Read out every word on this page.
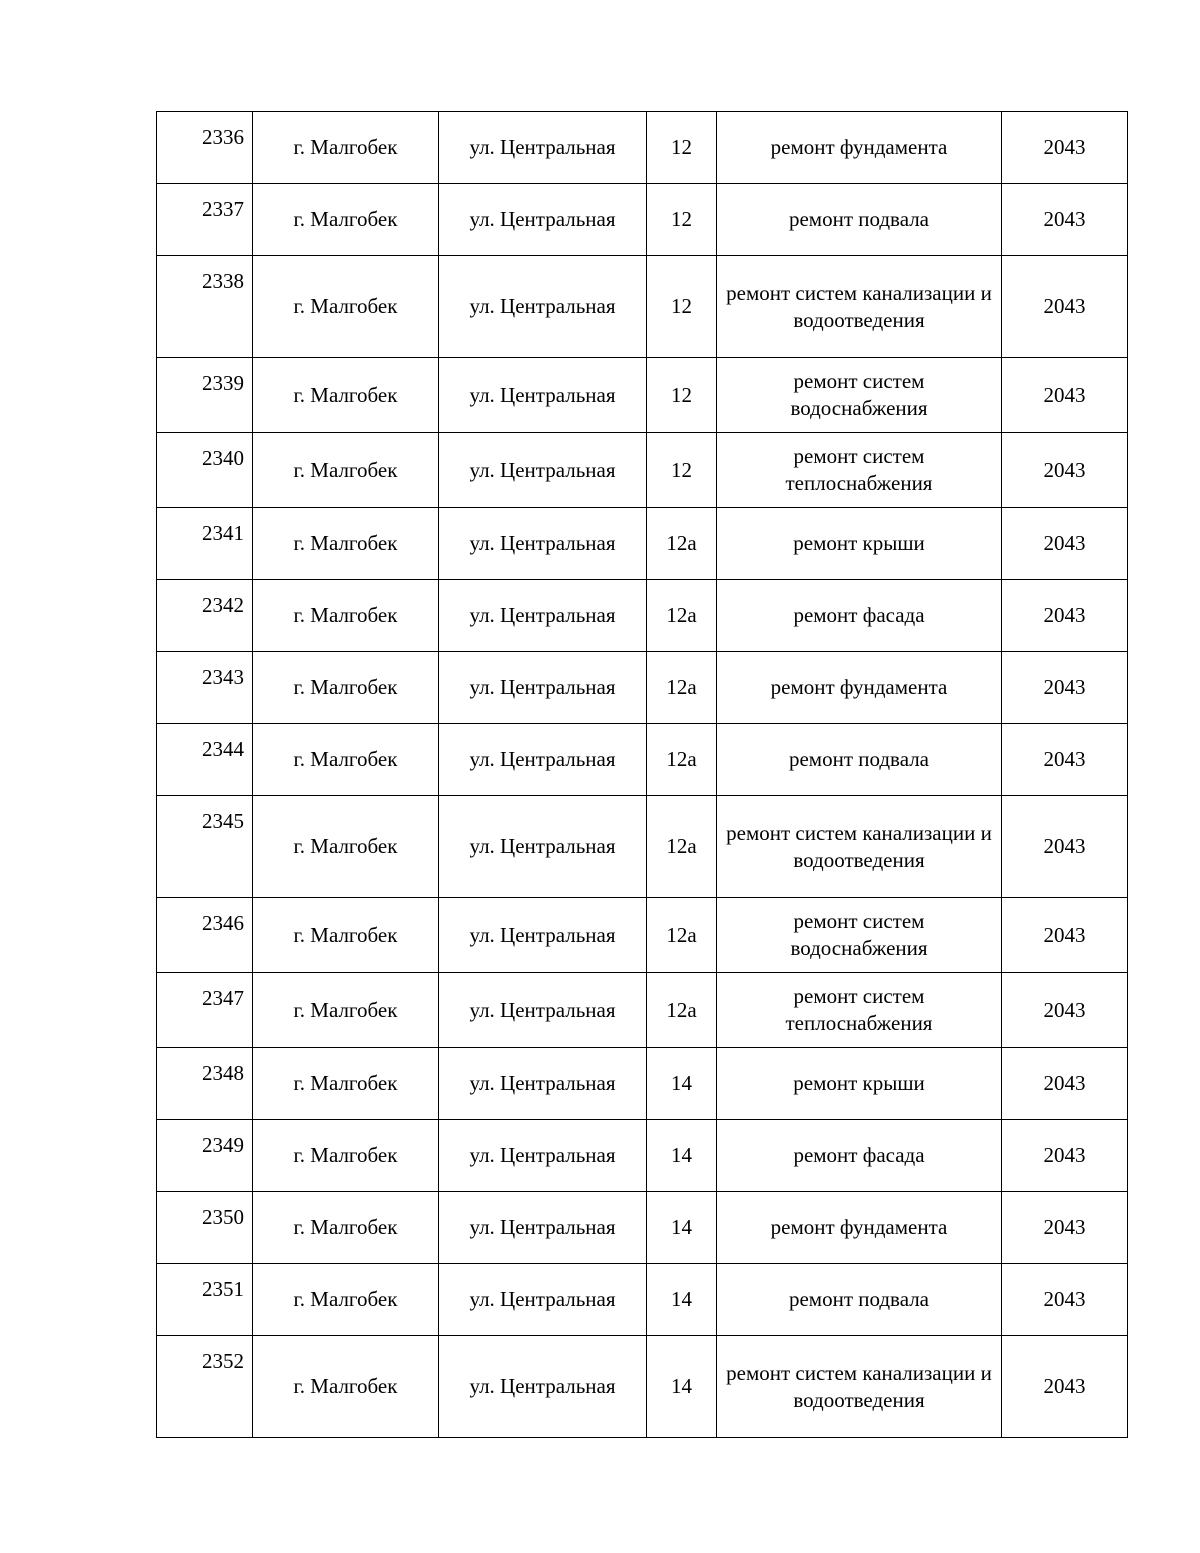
2336	г. Малгобек	ул. Центральная	12	ремонт фундамента	2043
2337	г. Малгобек	ул. Центральная	12	ремонт подвала	2043
2338	г. Малгобек	ул. Центральная	12	ремонт систем канализации и водоотведения	2043
2339	г. Малгобек	ул. Центральная	12	ремонт систем водоснабжения	2043
2340	г. Малгобек	ул. Центральная	12	ремонт систем теплоснабжения	2043
2341	г. Малгобек	ул. Центральная	12а	ремонт крыши	2043
2342	г. Малгобек	ул. Центральная	12а	ремонт фасада	2043
2343	г. Малгобек	ул. Центральная	12а	ремонт фундамента	2043
2344	г. Малгобек	ул. Центральная	12а	ремонт подвала	2043
2345	г. Малгобек	ул. Центральная	12а	ремонт систем канализации и водоотведения	2043
2346	г. Малгобек	ул. Центральная	12а	ремонт систем водоснабжения	2043
2347	г. Малгобек	ул. Центральная	12а	ремонт систем теплоснабжения	2043
2348	г. Малгобек	ул. Центральная	14	ремонт крыши	2043
2349	г. Малгобек	ул. Центральная	14	ремонт фасада	2043
2350	г. Малгобек	ул. Центральная	14	ремонт фундамента	2043
2351	г. Малгобек	ул. Центральная	14	ремонт подвала	2043
2352	г. Малгобек	ул. Центральная	14	ремонт систем канализации и водоотведения	2043
